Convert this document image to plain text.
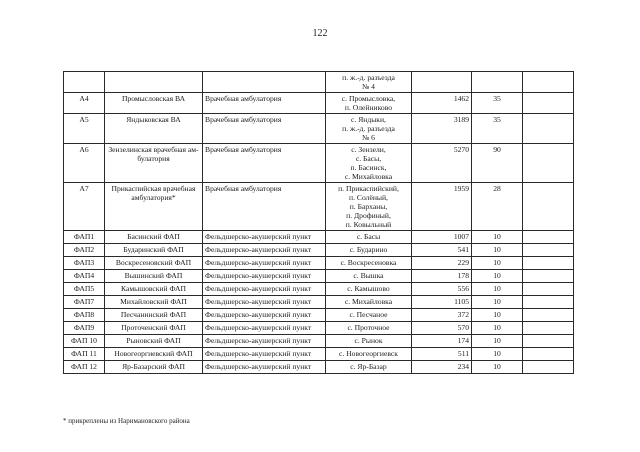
122

			п. ж.-д. разъезда
№ 4			

А4	Промысловская ВА	Врачебная амбулатория	с. Промысловка,
п. Олейниково	1462	35	
А5	Яндыковская ВА	Врачебная амбулатория	с. Яндыки,
п. ж.-д. разъезда
№ 6	3189	35	
А6	Зензелинская врачебная ам-
булатория	Врачебная амбулатория	с. Зензели,
с. Басы,
п. Басинск,
с. Михайловка	5270	90	
А7	Прикаспийская врачебная
амбулатория*	Врачебная амбулатория	п. Прикаспийский,
п. Солёный,
п. Барханы,
п. Дрофиный,
п. Ковыльный	1959	28	
ФАП1	Басинский ФАП	Фельдшерско-акушерский пункт	с. Басы	1007	10	
ФАП2	Бударинский ФАП	Фельдшерско-акушерский пункт	с. Бударино	541	10	
ФАП3	Воскресеновский ФАП	Фельдшерско-акушерский пункт	с. Воскресеновка	229	10	
ФАП4	Вышинский ФАП	Фельдшерско-акушерский пункт	с. Вышка	178	10	
ФАП5	Камышовский ФАП	Фельдшерско-акушерский пункт	с. Камышово	556	10	
ФАП7	Михайловский ФАП	Фельдшерско-акушерский пункт	с. Михайловка	1105	10	
ФАП8	Песчанинский ФАП	Фельдшерско-акушерский пункт	с. Песчаное	372	10	
ФАП9	Проточенский ФАП	Фельдшерско-акушерский пункт	с. Проточное	570	10	
ФАП 10	Рыновский ФАП	Фельдшерско-акушерский пункт	с. Рынок	174	10	
ФАП 11	Новогеоргиевский ФАП	Фельдшерско-акушерский пункт	с. Новогеоргиевск	511	10	
ФАП 12	Яр-Базарский ФАП	Фельдшерско-акушерский пункт	с. Яр-Базар	234	10	
* прикреплены из Наримановского района
